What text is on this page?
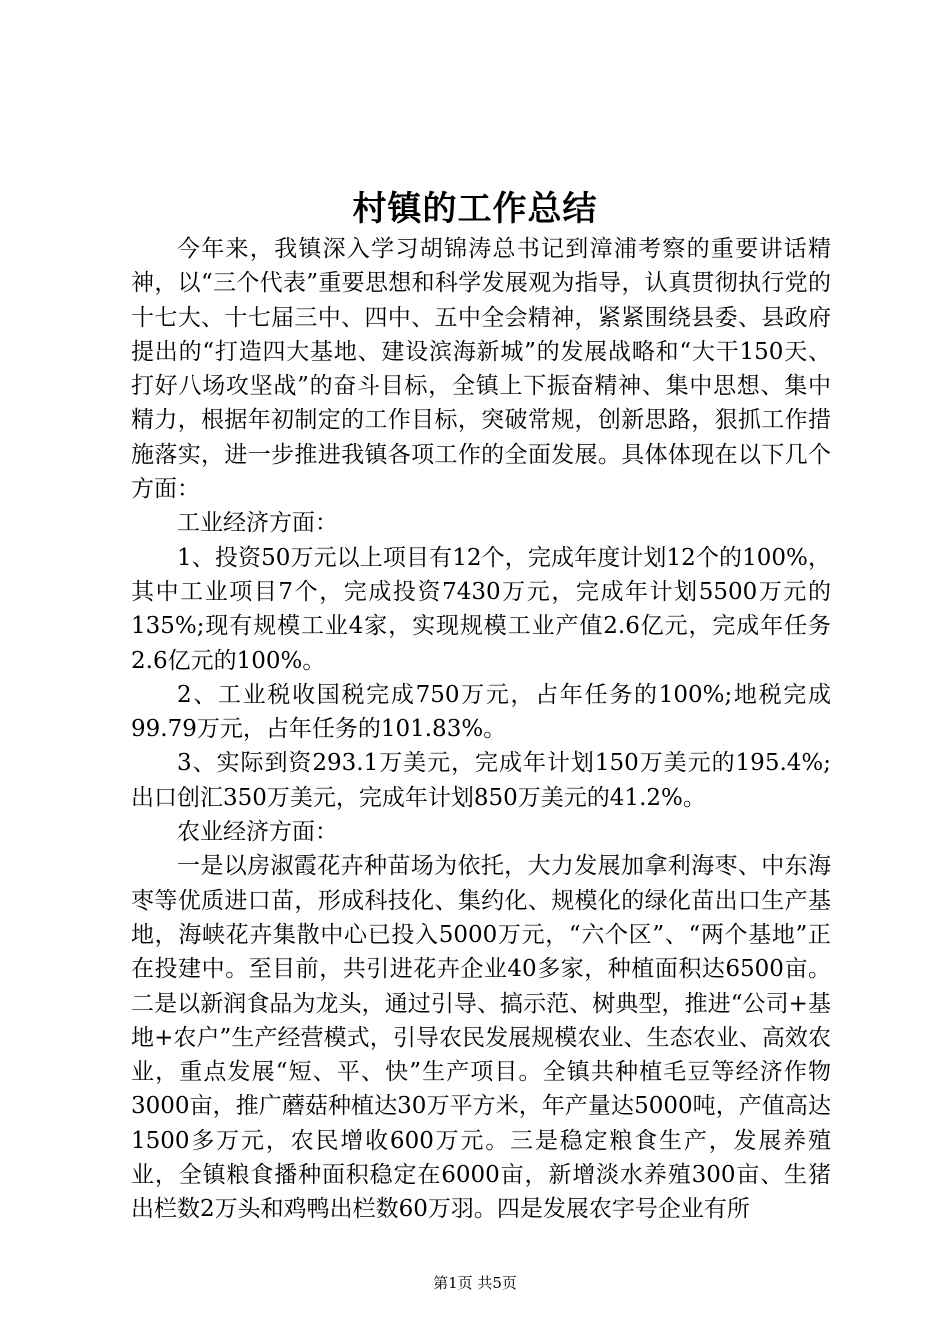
村镇的工作总结

今年来，我镇深入学习胡锦涛总书记到漳浦考察的重要讲话精神，以“三个代表”重要思想和科学发展观为指导，认真贯彻执行党的十七大、十七届三中、四中、五中全会精神，紧紧围绕县委、县政府提出的“打造四大基地、建设滨海新城”的发展战略和“大干150天、打好八场攻坚战”的奋斗目标，全镇上下振奋精神、集中思想、集中精力，根据年初制定的工作目标，突破常规，创新思路，狠抓工作措施落实，进一步推进我镇各项工作的全面发展。具体体现在以下几个方面：

工业经济方面：

1、投资50万元以上项目有12个，完成年度计划12个的100%，其中工业项目7个，完成投资7430万元，完成年计划5500万元的135%;现有规模工业4家，实现规模工业产值2.6亿元，完成年任务2.6亿元的100%。

2、工业税收国税完成750万元，占年任务的100%;地税完成99.79万元，占年任务的101.83%。

3、实际到资293.1万美元，完成年计划150万美元的195.4%;出口创汇350万美元，完成年计划850万美元的41.2%。

农业经济方面：

一是以房淑霞花卉种苗场为依托，大力发展加拿利海枣、中东海枣等优质进口苗，形成科技化、集约化、规模化的绿化苗出口生产基地，海峡花卉集散中心已投入5000万元，“六个区”、“两个基地”正在投建中。至目前，共引进花卉企业40多家，种植面积达6500亩。二是以新润食品为龙头，通过引导、搞示范、树典型，推进“公司+基地+农户”生产经营模式，引导农民发展规模农业、生态农业、高效农业，重点发展“短、平、快”生产项目。全镇共种植毛豆等经济作物3000亩，推广蘑菇种植达30万平方米，年产量达5000吨，产值高达1500多万元，农民增收600万元。三是稳定粮食生产，发展养殖业，全镇粮食播种面积稳定在6000亩，新增淡水养殖300亩、生猪出栏数2万头和鸡鸭出栏数60万羽。四是发展农字号企业有所

第1页 共5页
